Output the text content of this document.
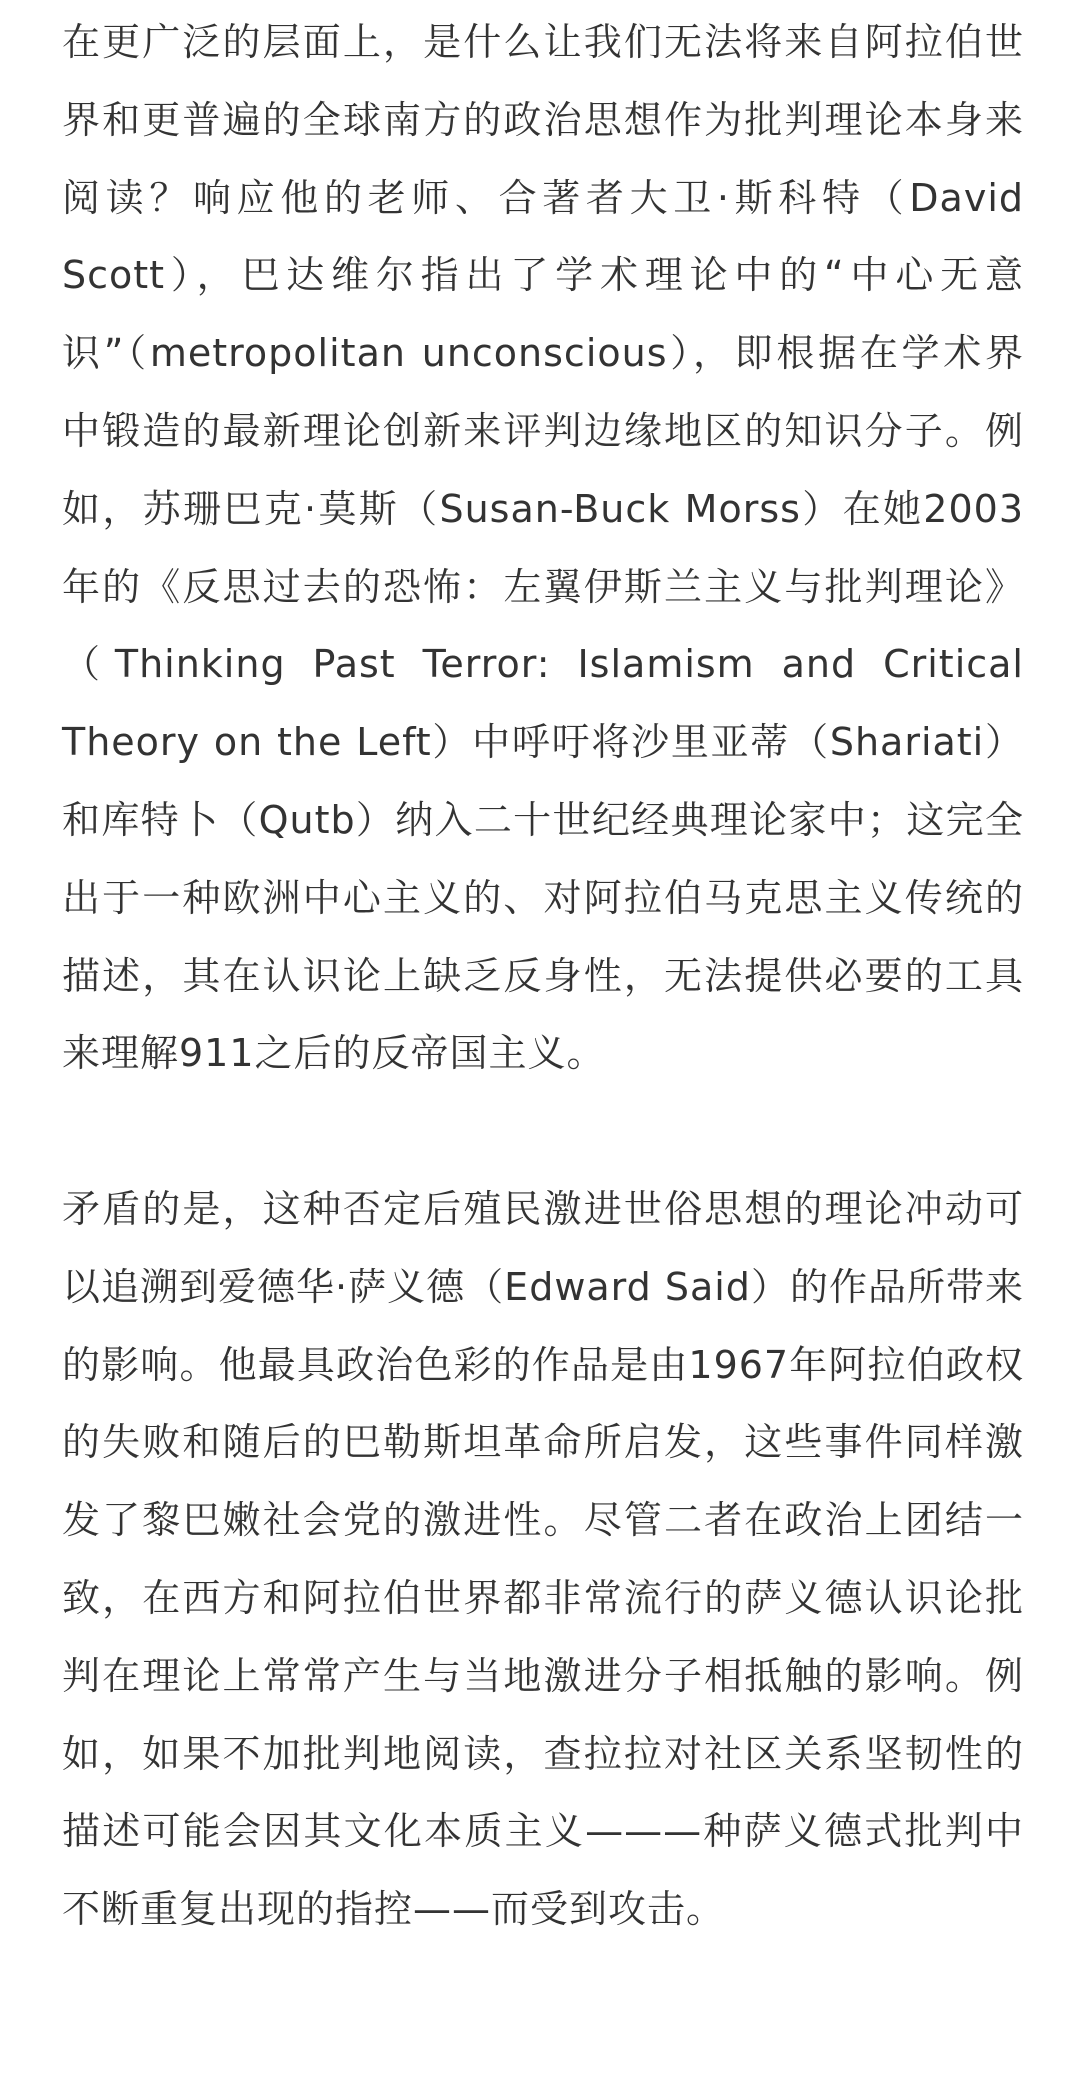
在更广泛的层面上，是什么让我们无法将来自阿拉伯世界和更普遍的全球南方的政治思想作为批判理论本身来阅读？响应他的老师、合著者大卫·斯科特（David Scott），巴达维尔指出了学术理论中的“中心无意识”（metropolitan unconscious），即根据在学术界中锻造的最新理论创新来评判边缘地区的知识分子。例如，苏珊巴克·莫斯（Susan-Buck Morss）在她2003年的《反思过去的恐怖：左翼伊斯兰主义与批判理论》（Thinking Past Terror: Islamism and Critical Theory on the Left）中呼吁将沙里亚蒂（Shariati）和库特卜（Qutb）纳入二十世纪经典理论家中；这完全出于一种欧洲中心主义的、对阿拉伯马克思主义传统的描述，其在认识论上缺乏反身性，无法提供必要的工具来理解911之后的反帝国主义。

矛盾的是，这种否定后殖民激进世俗思想的理论冲动可以追溯到爱德华·萨义德（Edward Said）的作品所带来的影响。他最具政治色彩的作品是由1967年阿拉伯政权的失败和随后的巴勒斯坦革命所启发，这些事件同样激发了黎巴嫩社会党的激进性。尽管二者在政治上团结一致，在西方和阿拉伯世界都非常流行的萨义德认识论批判在理论上常常产生与当地激进分子相抵触的影响。例如，如果不加批判地阅读，查拉拉对社区关系坚韧性的描述可能会因其文化本质主义———种萨义德式批判中不断重复出现的指控——而受到攻击。
